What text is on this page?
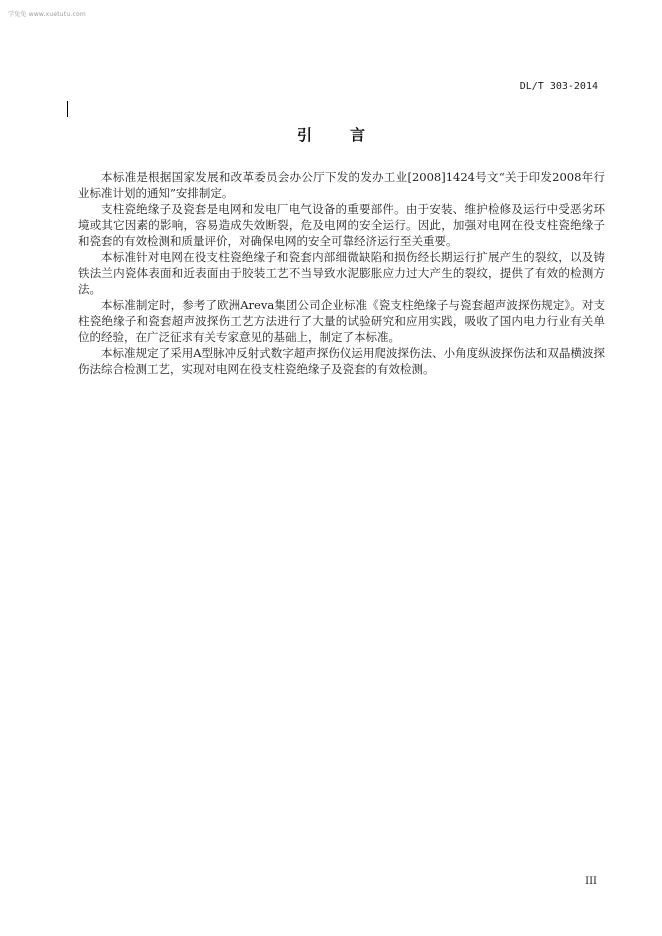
学兔兔 www.xuetutu.com
DL/T 303-2014
引言

本标准是根据国家发展和改革委员会办公厅下发的发办工业[2008]1424号文“关于印发2008年行业标准计划的通知”安排制定。

支柱瓷绝缘子及瓷套是电网和发电厂电气设备的重要部件。由于安装、维护检修及运行中受恶劣环境或其它因素的影响，容易造成失效断裂，危及电网的安全运行。因此，加强对电网在役支柱瓷绝缘子和瓷套的有效检测和质量评价，对确保电网的安全可靠经济运行至关重要。

本标准针对电网在役支柱瓷绝缘子和瓷套内部细微缺陷和损伤经长期运行扩展产生的裂纹，以及铸铁法兰内瓷体表面和近表面由于胶装工艺不当导致水泥膨胀应力过大产生的裂纹，提供了有效的检测方法。

本标准制定时，参考了欧洲Areva集团公司企业标准《瓷支柱绝缘子与瓷套超声波探伤规定》。对支柱瓷绝缘子和瓷套超声波探伤工艺方法进行了大量的试验研究和应用实践，吸收了国内电力行业有关单位的经验，在广泛征求有关专家意见的基础上，制定了本标准。

本标准规定了采用A型脉冲反射式数字超声探伤仪运用爬波探伤法、小角度纵波探伤法和双晶横波探伤法综合检测工艺，实现对电网在役支柱瓷绝缘子及瓷套的有效检测。

III
